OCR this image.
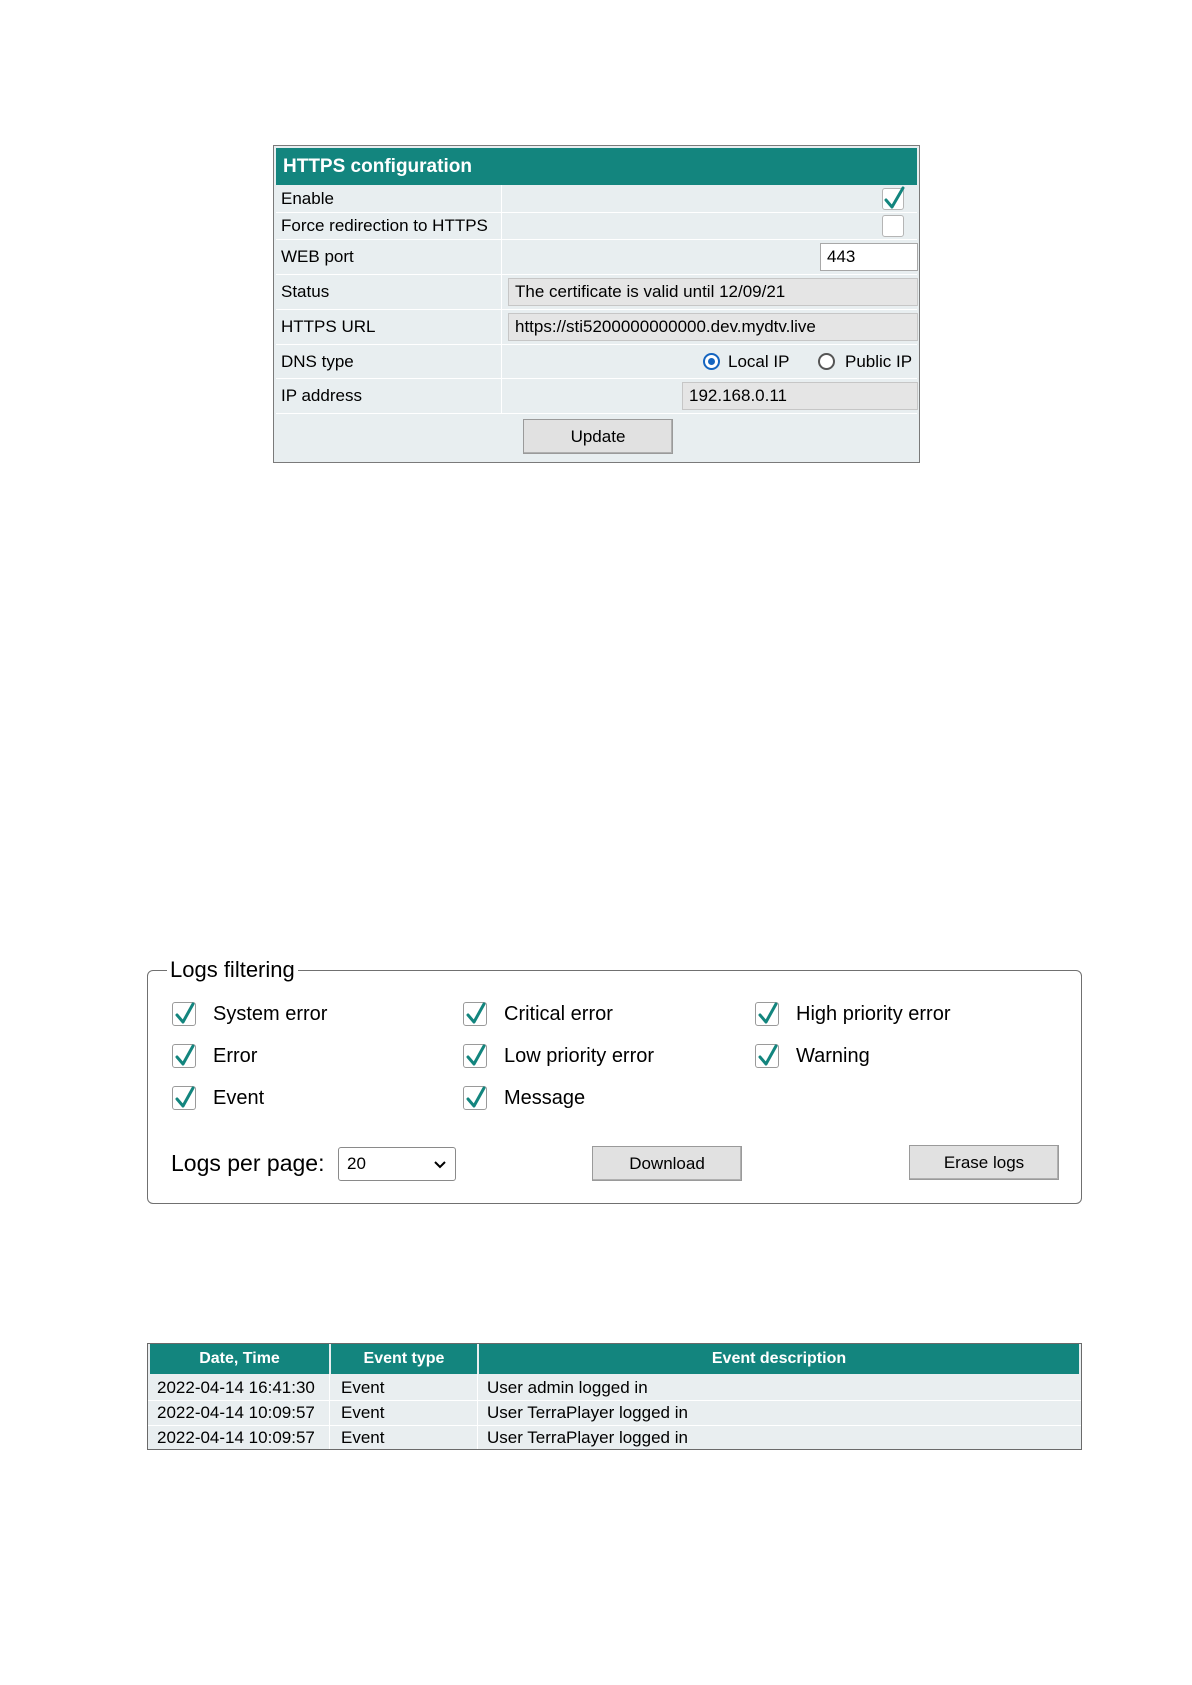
HTTPS configuration
Enable
Force redirection to HTTPS
WEB port	443
Status	The certificate is valid until 12/09/21
HTTPS URL	https://sti5200000000000.dev.mydtv.live
DNS type	Local IP	Public IP
IP address	192.168.0.11
Update
Logs filtering
System error	Critical error	High priority error
Error	Low priority error	Warning
Event	Message
Logs per page: 20	Download	Erase logs
Date, Time	Event type	Event description
2022-04-14 16:41:30 Event	User admin logged in
2022-04-14 10:09:57 Event	User TerraPlayer logged in
2022-04-14 10:09:57 Event	User TerraPlayer logged in
